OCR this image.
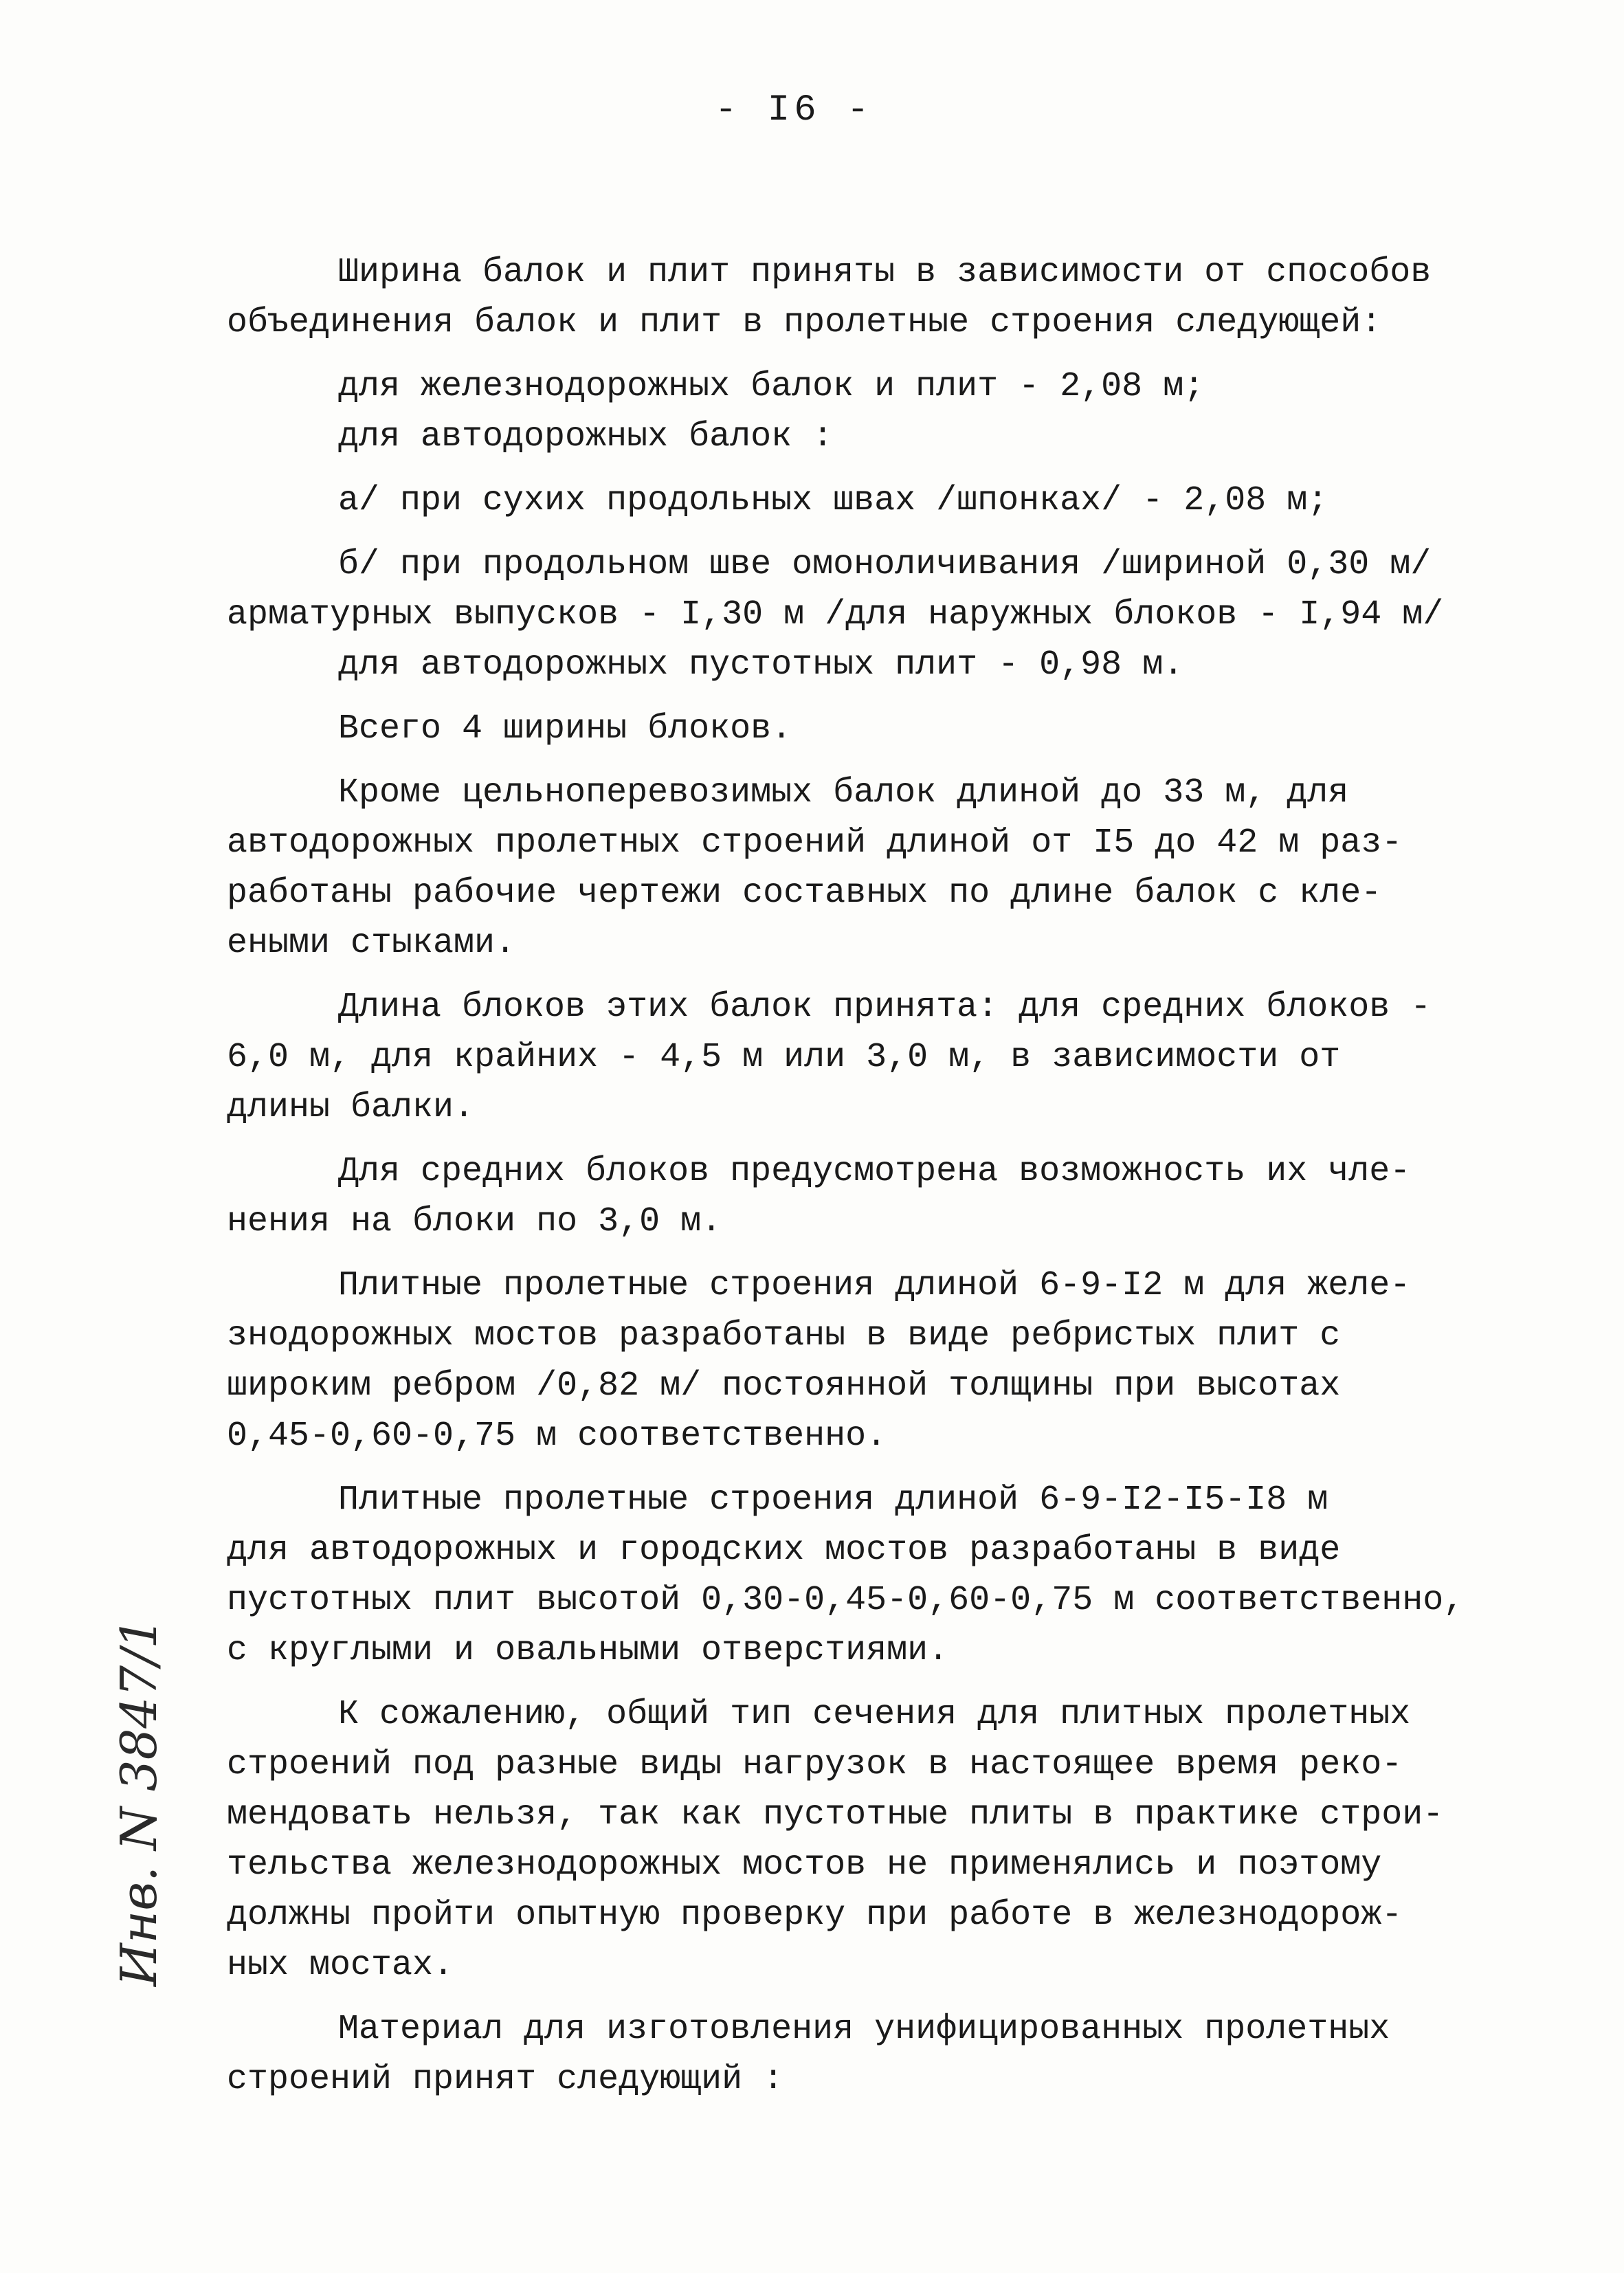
- I6 -
Ширина балок и плит приняты в зависимости от способов
объединения балок и плит в пролетные строения следующей:
для железнодорожных балок и плит - 2,08 м;
для автодорожных балок :
а/ при сухих продольных швах /шпонках/ - 2,08 м;
б/ при продольном шве омоноличивания /шириной 0,30 м/
арматурных выпусков - I,30 м /для наружных блоков - I,94 м/
для автодорожных пустотных плит - 0,98 м.
Всего 4 ширины блоков.
Кроме цельноперевозимых балок длиной до 33 м, для
автодорожных пролетных строений длиной от I5 до 42 м раз-
работаны рабочие чертежи составных по длине балок с кле-
еными стыками.
Длина блоков этих балок принята: для средних блоков -
6,0 м, для крайних - 4,5 м или 3,0 м, в зависимости от
длины балки.
Для средних блоков предусмотрена возможность их чле-
нения на блоки по 3,0 м.
Плитные пролетные строения длиной 6-9-I2 м для желе-
знодорожных мостов разработаны в виде ребристых плит с
широким ребром /0,82 м/ постоянной толщины при высотах
0,45-0,60-0,75 м соответственно.
Плитные пролетные строения длиной 6-9-I2-I5-I8 м
для автодорожных и городских мостов разработаны в виде
пустотных плит высотой 0,30-0,45-0,60-0,75 м соответственно,
с круглыми и овальными отверстиями.
К сожалению, общий тип сечения для плитных пролетных
строений под разные виды нагрузок в настоящее время реко-
мендовать нельзя, так как пустотные плиты в практике строи-
тельства железнодорожных мостов не применялись и поэтому
должны пройти опытную проверку при работе в железнодорож-
ных мостах.
Материал для изготовления унифицированных пролетных
строений принят следующий :
Инв. N 3847/1
